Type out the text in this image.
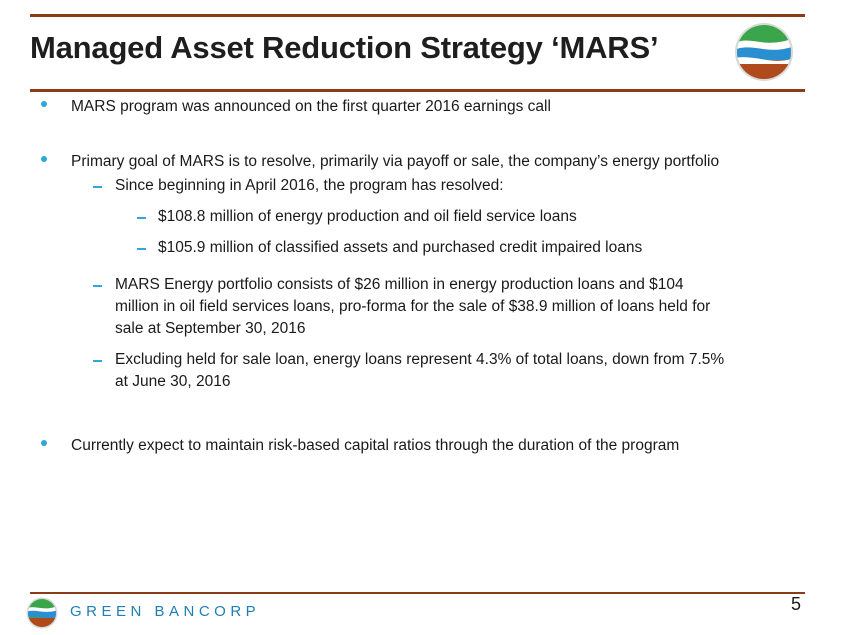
Managed Asset Reduction Strategy ‘MARS’
MARS program was announced on the first quarter 2016 earnings call
Primary goal of MARS is to resolve, primarily via payoff or sale, the company’s energy portfolio
Since beginning in April 2016, the program has resolved:
$108.8 million of energy production and oil field service loans
$105.9 million of classified assets and purchased credit impaired loans
MARS Energy portfolio consists of $26 million in energy production loans and $104
million in oil field services loans, pro-forma for the sale of $38.9 million of loans held for
sale at September 30, 2016
Excluding held for sale loan, energy loans represent 4.3% of total loans, down from 7.5%
at June 30, 2016
Currently expect to maintain risk-based capital ratios through the duration of the program
GREEN BANCORP	5
